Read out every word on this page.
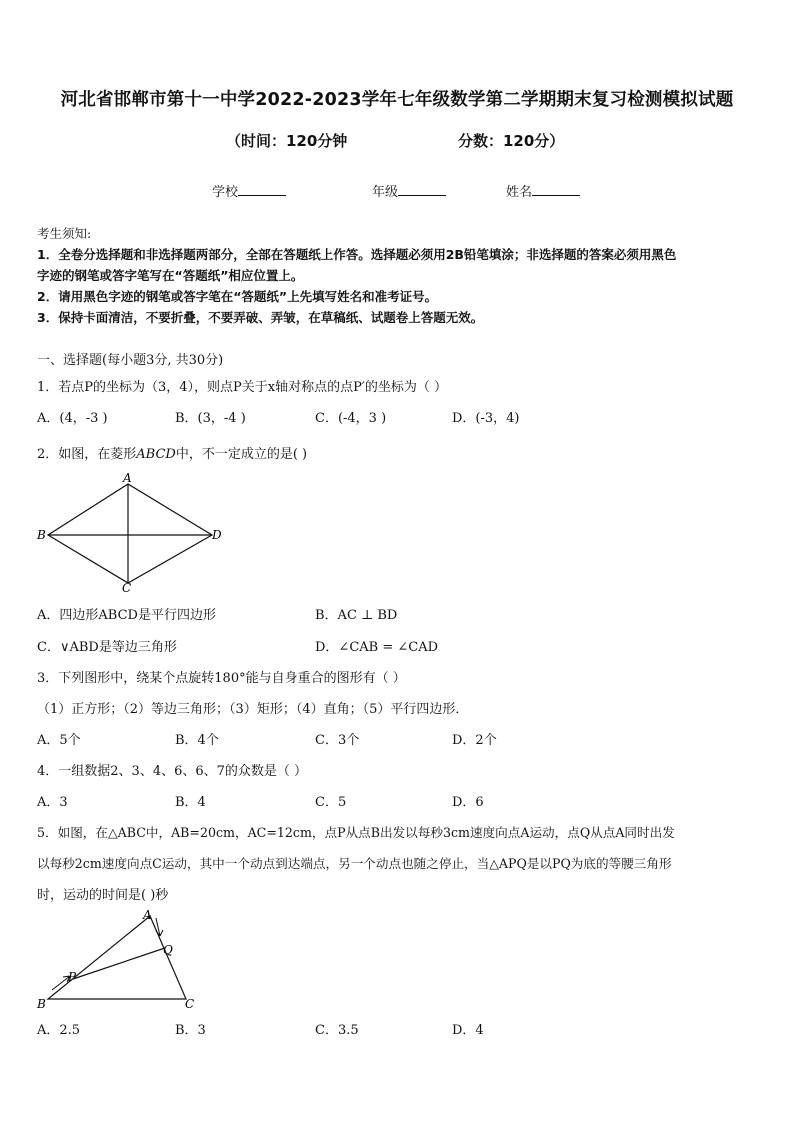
河北省邯郸市第十一中学2022-2023学年七年级数学第二学期期末复习检测模拟试题
（时间：120分钟	分数：120分）
学校	年级	姓名
考生须知:
1．全卷分选择题和非选择题两部分，全部在答题纸上作答。选择题必须用2B铅笔填涂；非选择题的答案必须用黑色
字迹的钢笔或答字笔写在“答题纸”相应位置上。
2．请用黑色字迹的钢笔或答字笔在“答题纸”上先填写姓名和准考证号。
3．保持卡面清洁，不要折叠，不要弄破、弄皱，在草稿纸、试题卷上答题无效。
一、选择题(每小题3分, 共30分)
1．若点P的坐标为（3，4），则点P关于x轴对称点的点P′的坐标为（ ）
A．(4，-3 )	B．(3，-4 )	C．(-4，3 )	D．(-3，4)
2．如图，在菱形ABCD中，不一定成立的是( )
A
B
C
D
A．四边形ABCD是平行四边形	B．AC ⊥ BD
C．∨ABD是等边三角形	D．∠CAB = ∠CAD
3．下列图形中，绕某个点旋转180°能与自身重合的图形有（ ）
（1）正方形；（2）等边三角形；（3）矩形；（4）直角；（5）平行四边形．
A．5个	B．4个	C．3个	D．2个
4．一组数据2、3、4、6、6、7的众数是（ ）
A．3	B．4	C．5	D．6
5．如图，在△ABC中，AB=20cm，AC=12cm，点P从点B出发以每秒3cm速度向点A运动，点Q从点A同时出发
以每秒2cm速度向点C运动，其中一个动点到达端点，另一个动点也随之停止，当△APQ是以PQ为底的等腰三角形
时，运动的时间是( )秒
A
Q
P
B	C
A．2.5	B．3	C．3.5	D．4
